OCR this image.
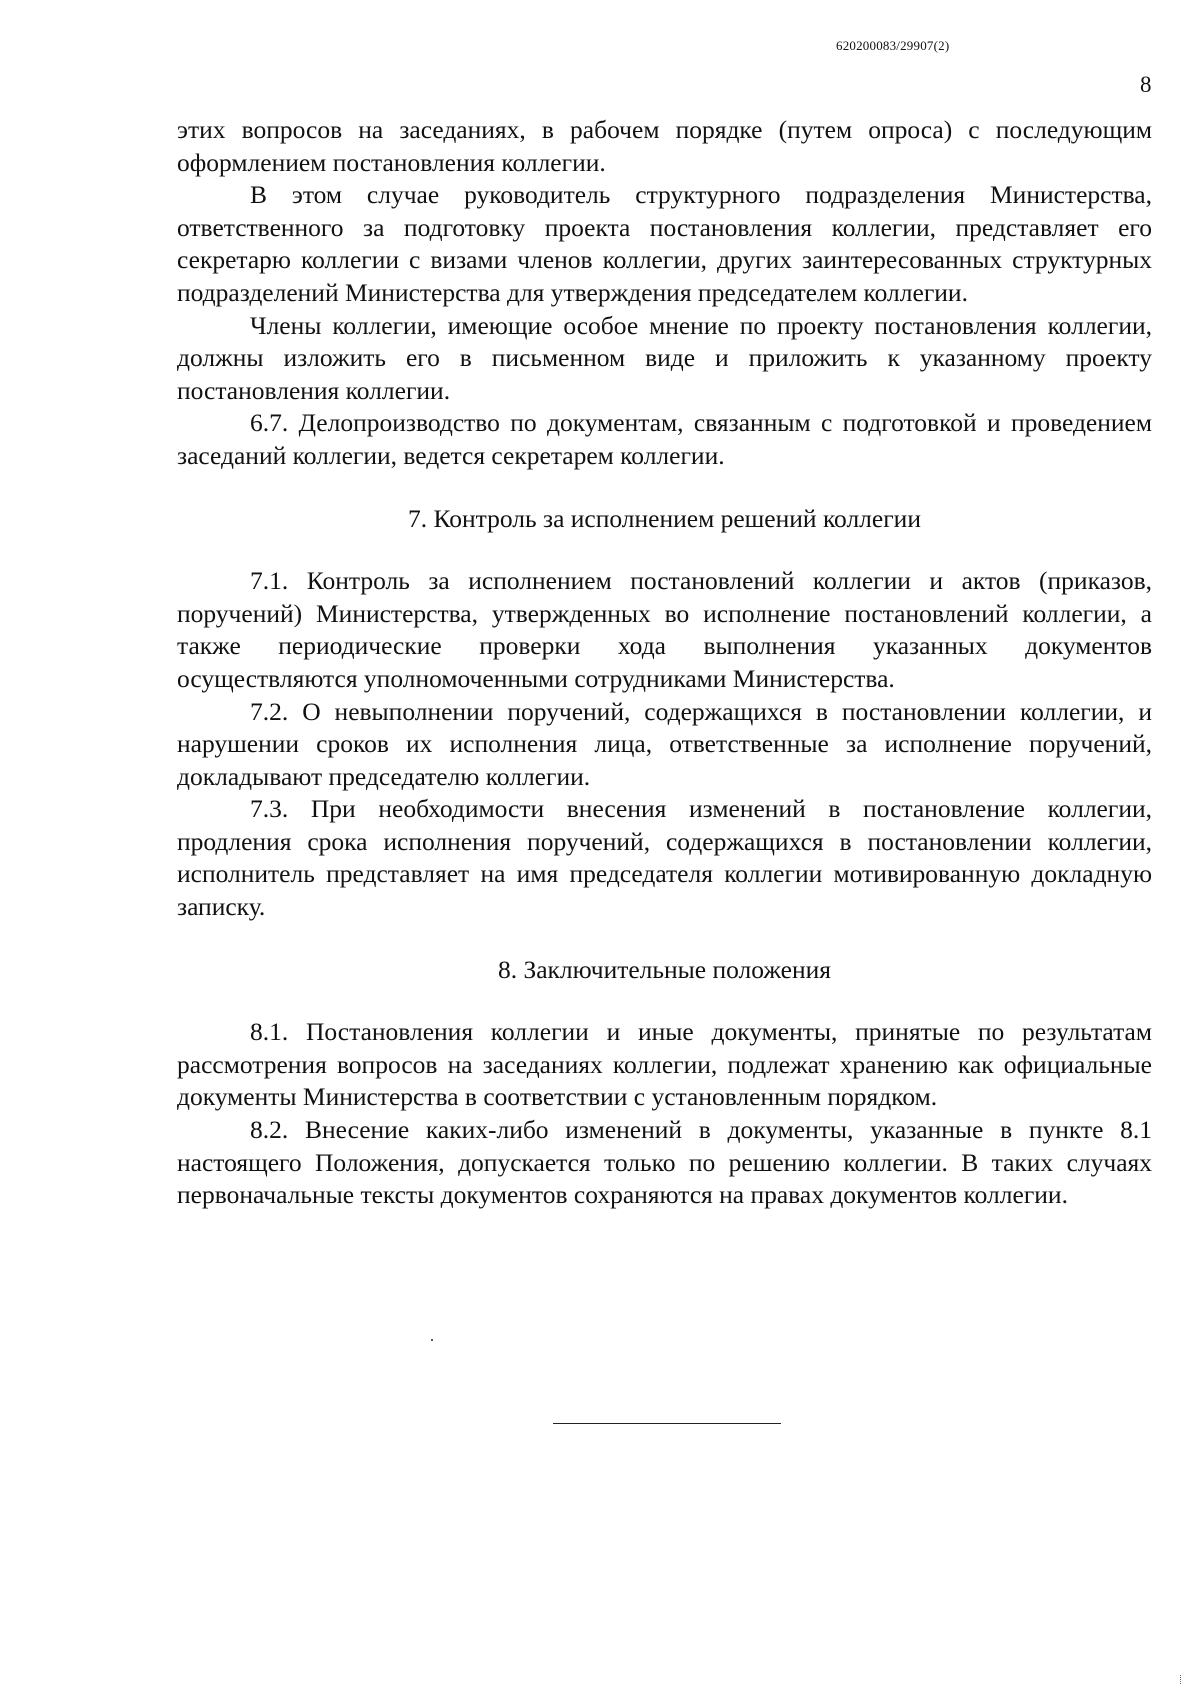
620200083/29907(2)
8

этих вопросов на заседаниях, в рабочем порядке (путем опроса) с последующим оформлением постановления коллегии.

В этом случае руководитель структурного подразделения Министерства, ответственного за подготовку проекта постановления коллегии, представляет его секретарю коллегии с визами членов коллегии, других заинтересованных структурных подразделений Министерства для утверждения председателем коллегии.

Члены коллегии, имеющие особое мнение по проекту постановления коллегии, должны изложить его в письменном виде и приложить к указанному проекту постановления коллегии.

6.7. Делопроизводство по документам, связанным с подготовкой и проведением заседаний коллегии, ведется секретарем коллегии.

7. Контроль за исполнением решений коллегии

7.1. Контроль за исполнением постановлений коллегии и актов (приказов, поручений) Министерства, утвержденных во исполнение постановлений коллегии, а также периодические проверки хода выполнения указанных документов осуществляются уполномоченными сотрудниками Министерства.

7.2. О невыполнении поручений, содержащихся в постановлении коллегии, и нарушении сроков их исполнения лица, ответственные за исполнение поручений, докладывают председателю коллегии.

7.3. При необходимости внесения изменений в постановление коллегии, продления срока исполнения поручений, содержащихся в постановлении коллегии, исполнитель представляет на имя председателя коллегии мотивированную докладную записку.

8. Заключительные положения

8.1. Постановления коллегии и иные документы, принятые по результатам рассмотрения вопросов на заседаниях коллегии, подлежат хранению как официальные документы Министерства в соответствии с установленным порядком.

8.2. Внесение каких-либо изменений в документы, указанные в пункте 8.1 настоящего Положения, допускается только по решению коллегии. В таких случаях первоначальные тексты документов сохраняются на правах документов коллегии.
